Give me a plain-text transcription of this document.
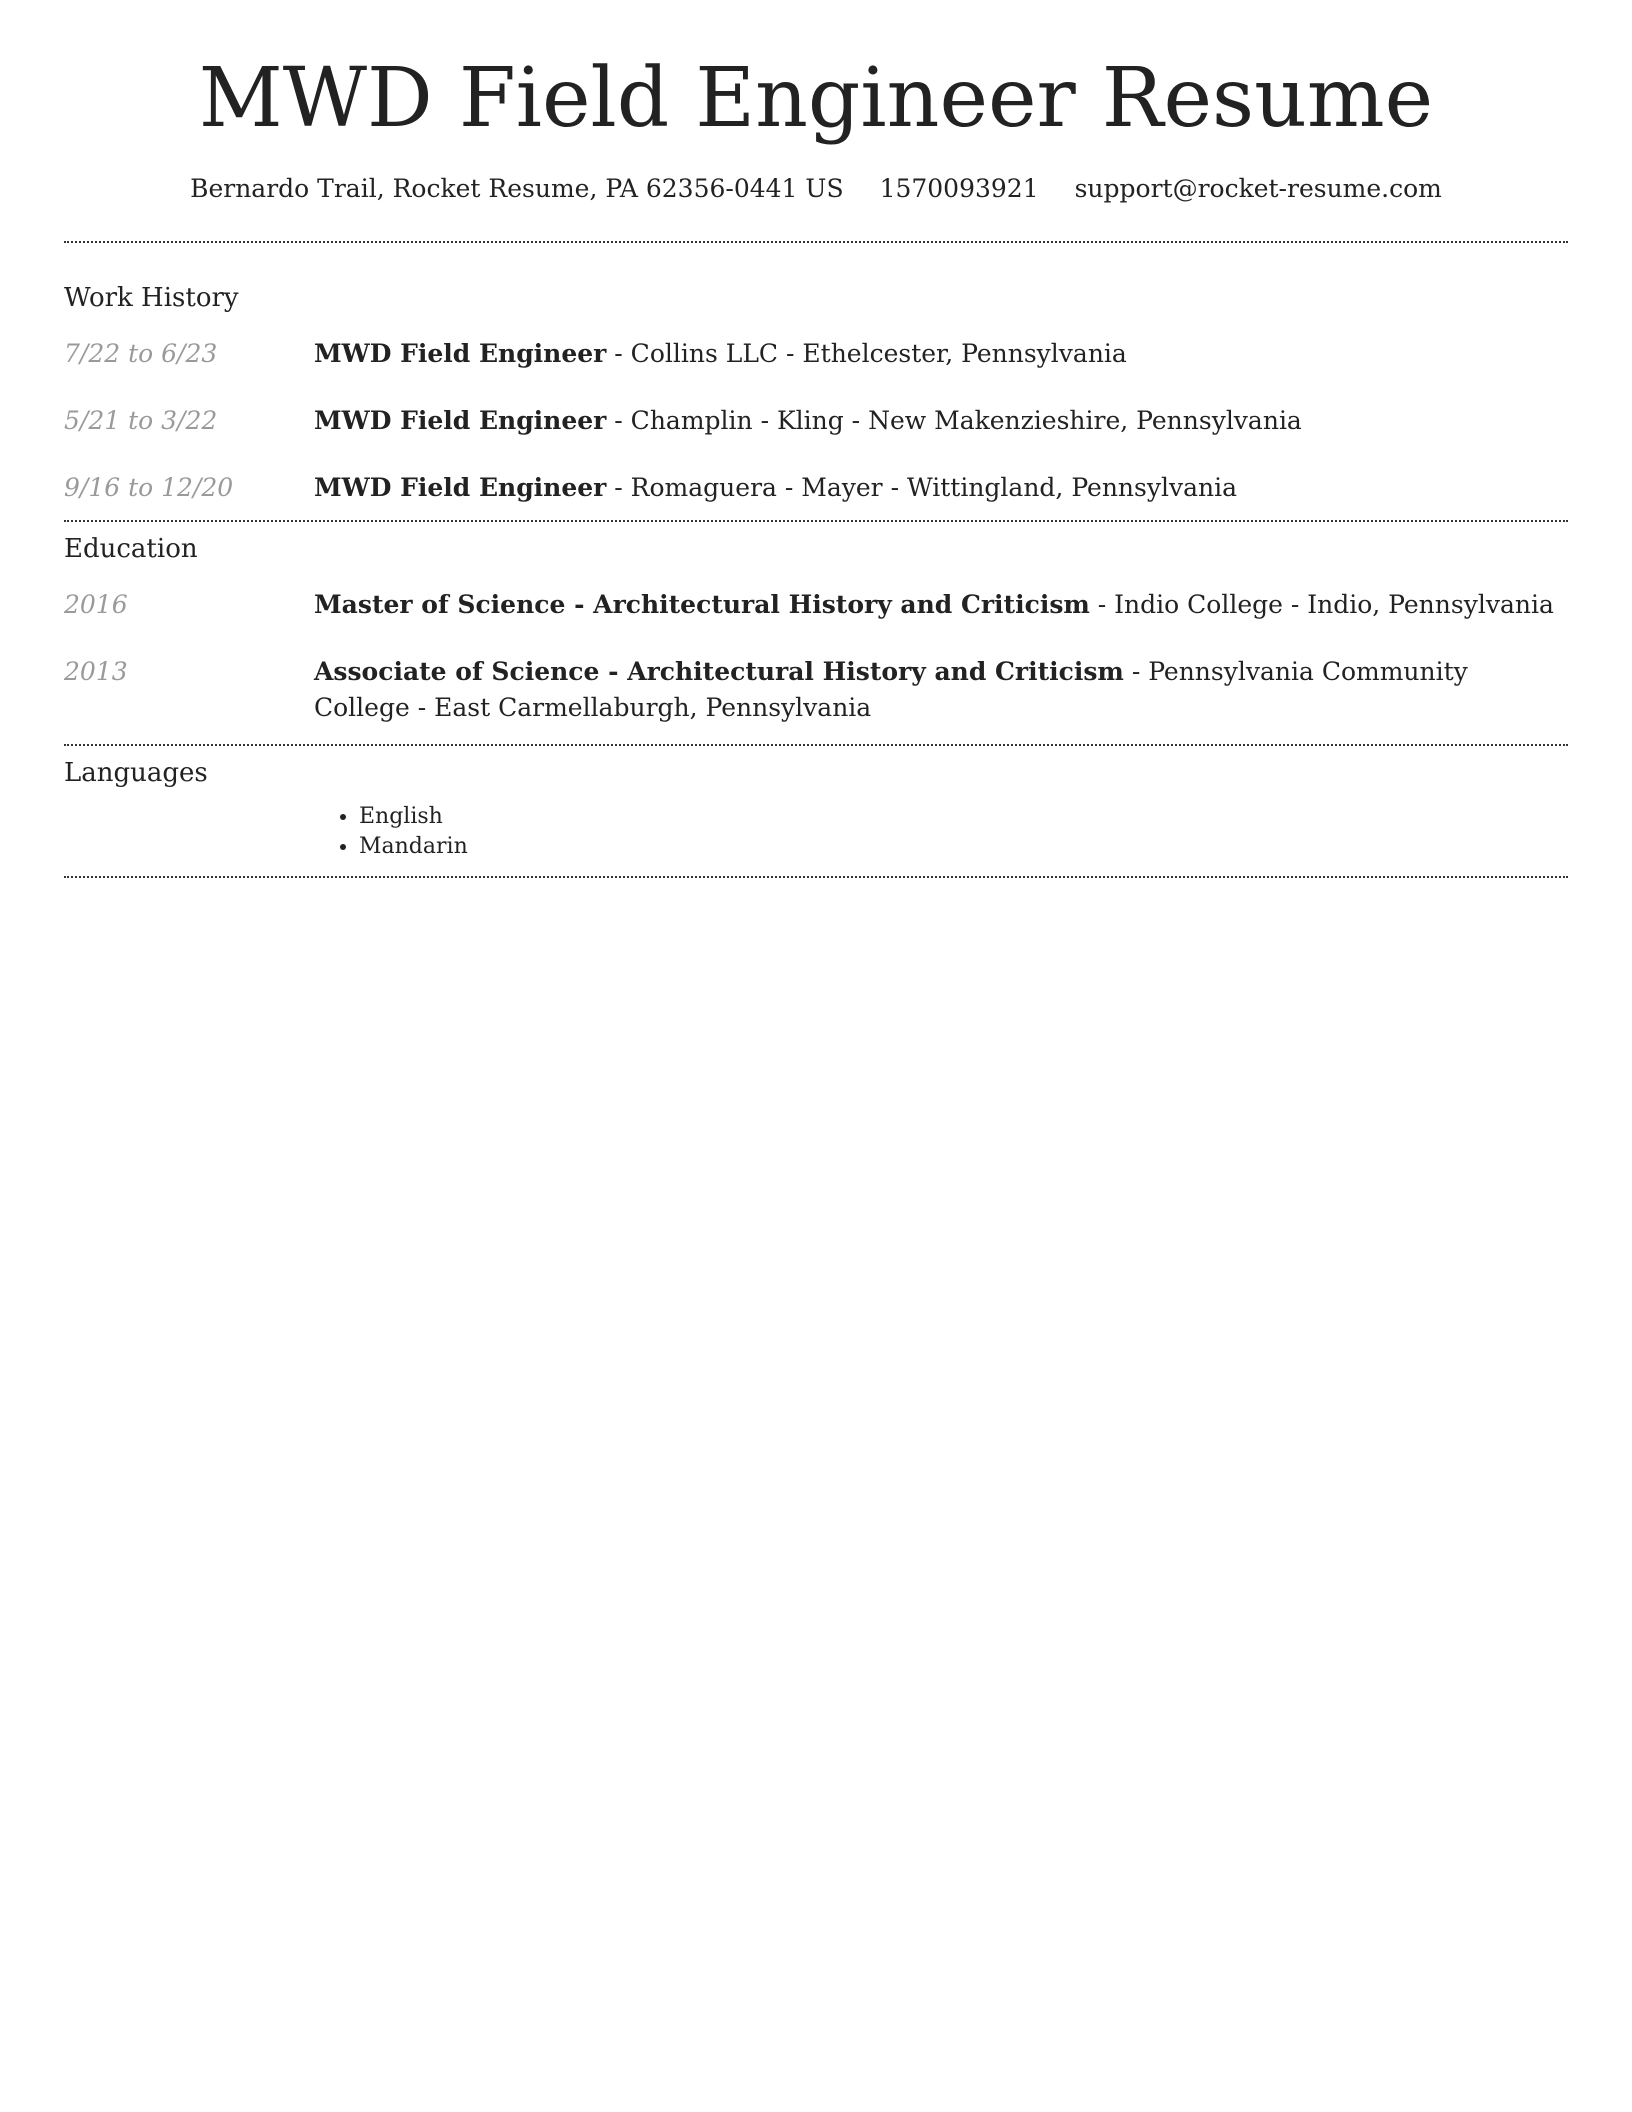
MWD Field Engineer Resume
Bernardo Trail, Rocket Resume, PA 62356-0441 US 1570093921 support@rocket-resume.com
Work History
7/22 to 6/23	MWD Field Engineer - Collins LLC - Ethelcester, Pennsylvania
5/21 to 3/22	MWD Field Engineer - Champlin - Kling - New Makenzieshire, Pennsylvania
9/16 to 12/20	MWD Field Engineer - Romaguera - Mayer - Wittingland, Pennsylvania
Education
2016	Master of Science - Architectural History and Criticism - Indio College - Indio, Pennsylvania
2013	Associate of Science - Architectural History and Criticism - Pennsylvania Community College - East Carmellaburgh, Pennsylvania
Languages
• English
• Mandarin
